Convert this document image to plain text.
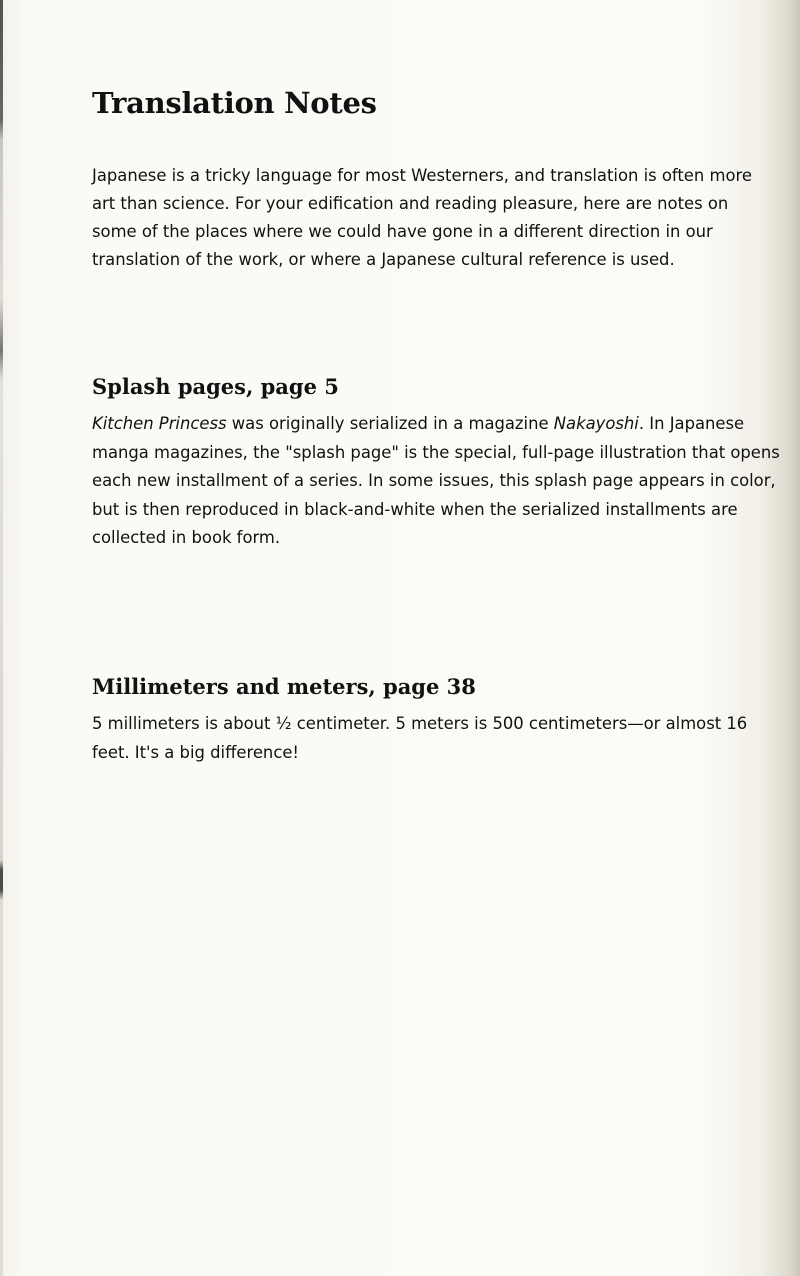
Translation Notes

Japanese is a tricky language for most Westerners, and translation is often more art than science. For your edification and reading pleasure, here are notes on some of the places where we could have gone in a different direction in our translation of the work, or where a Japanese cultural reference is used.

Splash pages, page 5

Kitchen Princess was originally serialized in a magazine Nakayoshi. In Japanese manga magazines, the "splash page" is the special, full-page illustration that opens each new installment of a series. In some issues, this splash page appears in color, but is then reproduced in black-and-white when the serialized installments are collected in book form.

Millimeters and meters, page 38

5 millimeters is about ½ centimeter. 5 meters is 500 centimeters—or almost 16 feet. It's a big difference!
